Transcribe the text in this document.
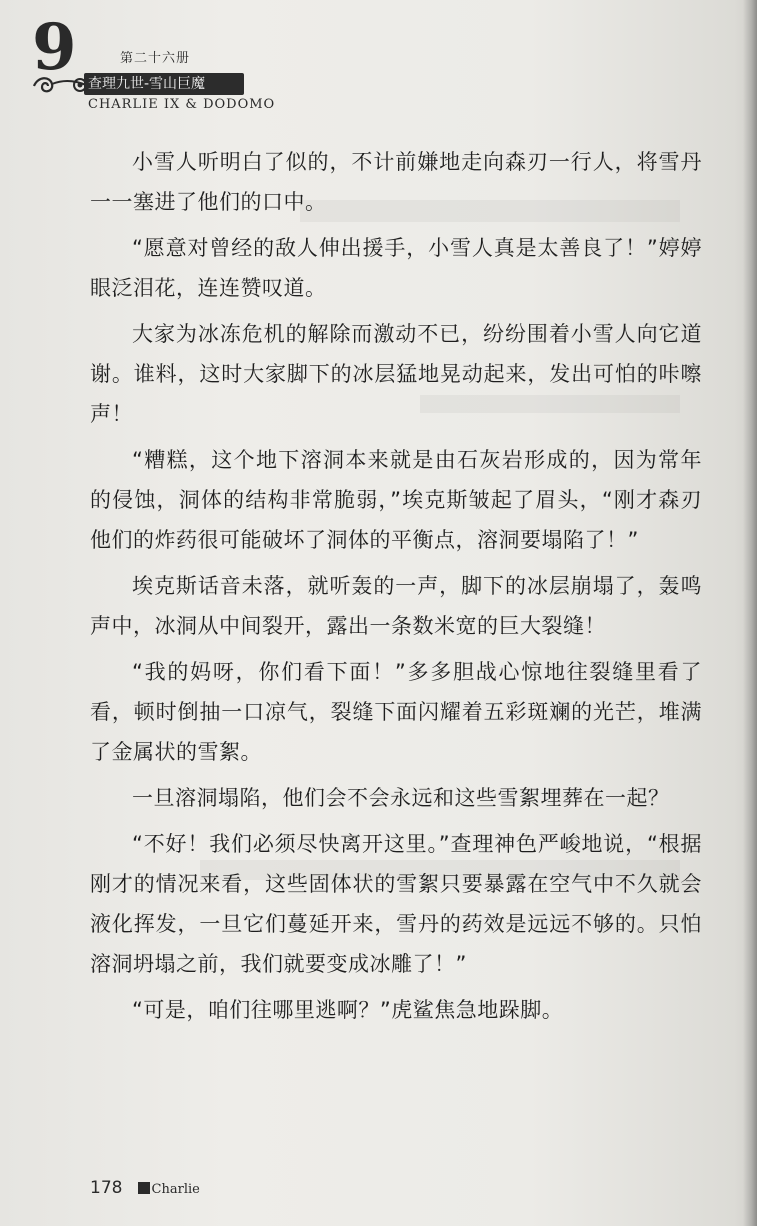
9	第二十六册
查理九世-雪山巨魔
CHARLIE IX & DODOMO

小雪人听明白了似的，不计前嫌地走向森刃一行人，将雪丹一一塞进了他们的口中。

“愿意对曾经的敌人伸出援手，小雪人真是太善良了！”婷婷眼泛泪花，连连赞叹道。

大家为冰冻危机的解除而激动不已，纷纷围着小雪人向它道谢。谁料，这时大家脚下的冰层猛地晃动起来，发出可怕的咔嚓声！

“糟糕，这个地下溶洞本来就是由石灰岩形成的，因为常年的侵蚀，洞体的结构非常脆弱，”埃克斯皱起了眉头，“刚才森刃他们的炸药很可能破坏了洞体的平衡点，溶洞要塌陷了！”

埃克斯话音未落，就听轰的一声，脚下的冰层崩塌了，轰鸣声中，冰洞从中间裂开，露出一条数米宽的巨大裂缝！

“我的妈呀，你们看下面！”多多胆战心惊地往裂缝里看了看，顿时倒抽一口凉气，裂缝下面闪耀着五彩斑斓的光芒，堆满了金属状的雪絮。

一旦溶洞塌陷，他们会不会永远和这些雪絮埋葬在一起？

“不好！我们必须尽快离开这里。”查理神色严峻地说，“根据刚才的情况来看，这些固体状的雪絮只要暴露在空气中不久就会液化挥发，一旦它们蔓延开来，雪丹的药效是远远不够的。只怕溶洞坍塌之前，我们就要变成冰雕了！”

“可是，咱们往哪里逃啊？”虎鲨焦急地跺脚。

178 Charlie
